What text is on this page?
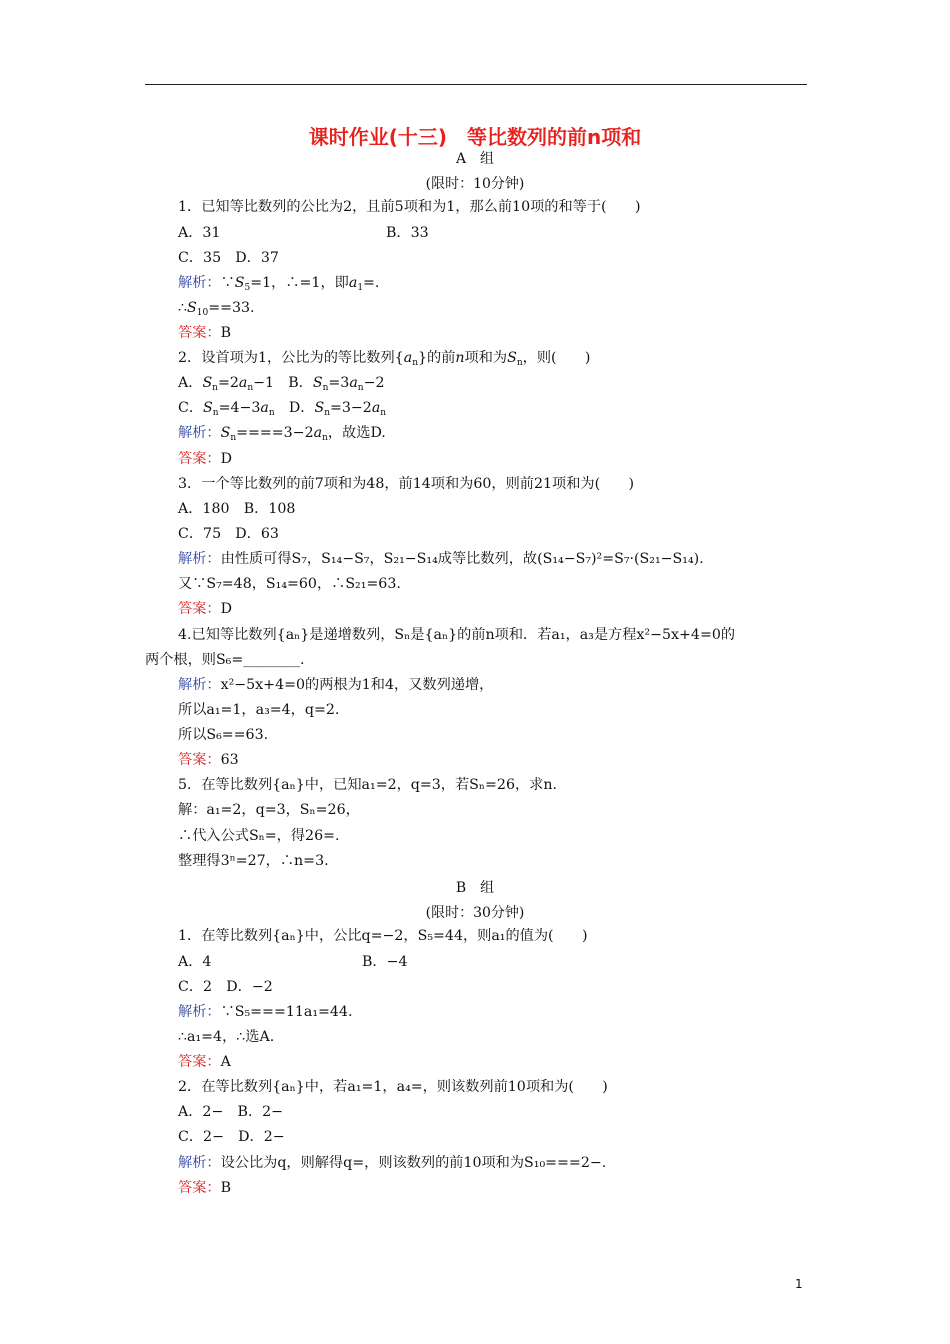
课时作业(十三)　等比数列的前n项和
A　组
(限时：10分钟)
1．已知等比数列的公比为2，且前5项和为1，那么前10项的和等于(　　)
A．31	B．33
C．35　D．37
解析：$\because S_5=1$，∴=1，即$a_1=$.
$\therefore S_{10}==33$.
答案：B
2．设首项为1，公比为的等比数列$\{a_n\}$的前n项和为$S_n$，则(　　)
A．$S_n=2a_n-1$　B．$S_n=3a_n-2$
C．$S_n=4-3a_n$　D．$S_n=3-2a_n$
解析：$S_n====3-2a_n$，故选D.
答案：D
3．一个等比数列的前7项和为48，前14项和为60，则前21项和为(　　)
A．180　B．108
C．75　D．63
解析：由性质可得S₇，S₁₄−S₇，S₂₁−S₁₄成等比数列，故(S₁₄−S₇)²=S₇·(S₂₁−S₁₄).
又∵S₇=48，S₁₄=60，∴S₂₁=63.
答案：D
4.已知等比数列{aₙ}是递增数列，Sₙ是{aₙ}的前n项和．若a₁，a₃是方程x²−5x+4=0的
两个根，则S₆=________.
解析：x²−5x+4=0的两根为1和4，又数列递增，
所以a₁=1，a₃=4，q=2.
所以S₆==63.
答案：63
5．在等比数列{aₙ}中，已知a₁=2，q=3，若Sₙ=26，求n.
解：a₁=2，q=3，Sₙ=26，
∴代入公式Sₙ=，得26=.
整理得3ⁿ=27，∴n=3.
B　组
(限时：30分钟)
1．在等比数列{aₙ}中，公比q=−2，S₅=44，则a₁的值为(　　)
A．4	B．−4
C．2　D．−2
解析：∵S₅===11a₁=44.
∴a₁=4，∴选A.
答案：A
2．在等比数列{aₙ}中，若a₁=1，a₄=，则该数列前10项和为(　　)
A．2−　B．2−
C．2−　D．2−
解析：设公比为q，则解得q=，则该数列的前10项和为S₁₀===2−.
答案：B
1
